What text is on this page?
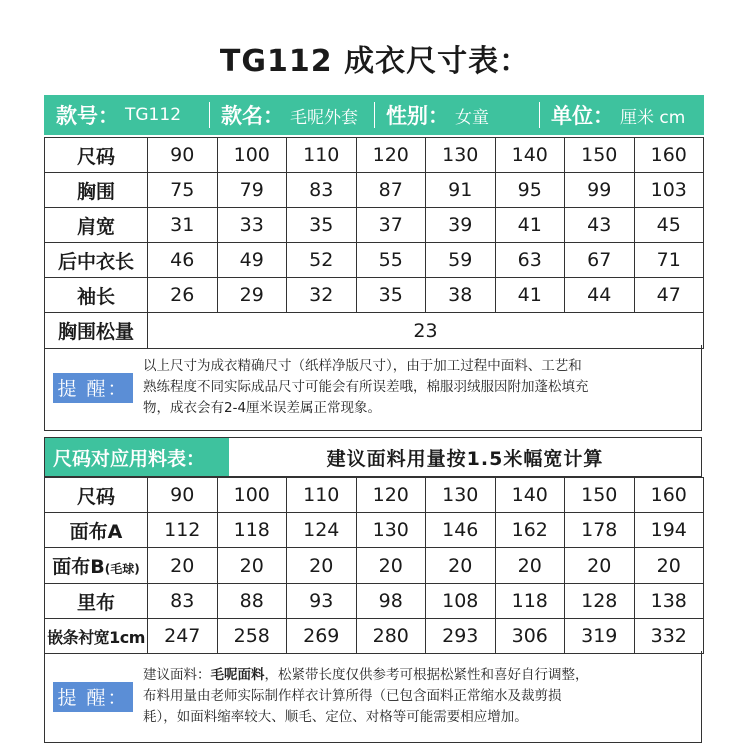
TG112 成衣尺寸表：
款号： TG112 款名： 毛呢外套 性别： 女童	单位： 厘米 cm
尺码	90	100	110	120	130	140	150	160
胸围	75	79	83	87	91	95	99	103
肩宽	31	33	35	37	39	41	43	45
后中衣长	46	49	52	55	59	63	67	71
袖长	26	29	32	35	38	41	44	47
胸围松量	23							
提 醒：
以上尺寸为成衣精确尺寸（纸样净版尺寸），由于加工过程中面料、工艺和
熟练程度不同实际成品尺寸可能会有所误差哦，棉服羽绒服因附加蓬松填充
物，成衣会有2-4厘米误差属正常现象。
尺码对应用料表：	建议面料用量按1.5米幅宽计算
尺码	90	100	110	120	130	140	150	160
面布A	112	118	124	130	146	162	178	194
面布B(毛球)	20	20	20	20	20	20	20	20
里布	83	88	93	98	108	118	128	138
嵌条衬宽1cm	247	258	269	280	293	306	319	332
提 醒：
建议面料：毛呢面料，松紧带长度仅供参考可根据松紧性和喜好自行调整，
布料用量由老师实际制作样衣计算所得（已包含面料正常缩水及裁剪损
耗），如面料缩率较大、顺毛、定位、对格等可能需要相应增加。
